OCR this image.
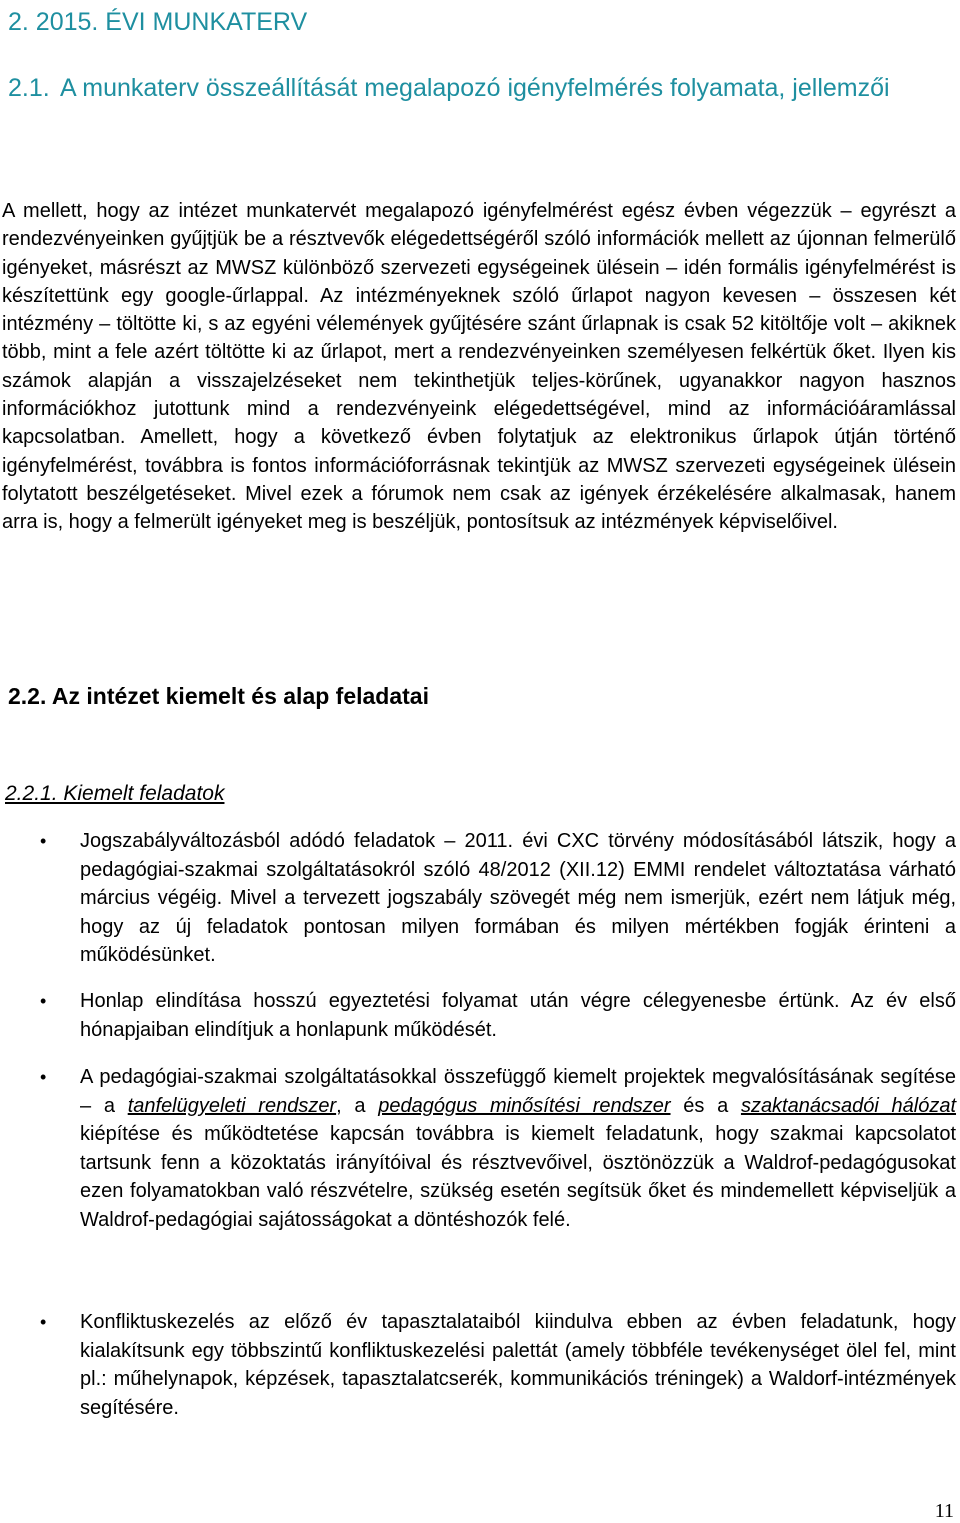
2. 2015. ÉVI MUNKATERV
2.1. A munkaterv összeállítását megalapozó igényfelmérés folyamata, jellemzői

A mellett, hogy az intézet munkatervét megalapozó igényfelmérést egész évben végezzük – egyrészt a rendezvényeinken gyűjtjük be a résztvevők elégedettségéről szóló információk mellett az újonnan felmerülő igényeket, másrészt az MWSZ különböző szervezeti egységeinek ülésein – idén formális igényfelmérést is készítettünk egy google-űrlappal. Az intézményeknek szóló űrlapot nagyon kevesen – összesen két intézmény – töltötte ki, s az egyéni vélemények gyűjtésére szánt űrlapnak is csak 52 kitöltője volt – akiknek több, mint a fele azért töltötte ki az űrlapot, mert a rendezvényeinken személyesen felkértük őket. Ilyen kis számok alapján a visszajelzéseket nem tekinthetjük teljes-körűnek, ugyanakkor nagyon hasznos információkhoz jutottunk mind a rendezvényeink elégedettségével, mind az információáramlással kapcsolatban. Amellett, hogy a következő évben folytatjuk az elektronikus űrlapok útján történő igényfelmérést, továbbra is fontos információforrásnak tekintjük az MWSZ szervezeti egységeinek ülésein folytatott beszélgetéseket. Mivel ezek a fórumok nem csak az igények érzékelésére alkalmasak, hanem arra is, hogy a felmerült igényeket meg is beszéljük, pontosítsuk az intézmények képviselőivel.

2.2. Az intézet kiemelt és alap feladatai
2.2.1. Kiemelt feladatok
• Jogszabályváltozásból adódó feladatok – 2011. évi CXC törvény módosításából látszik, hogy a pedagógiai-szakmai szolgáltatásokról szóló 48/2012 (XII.12) EMMI rendelet változtatása várható március végéig. Mivel a tervezett jogszabály szövegét még nem ismerjük, ezért nem látjuk még, hogy az új feladatok pontosan milyen formában és milyen mértékben fogják érinteni a működésünket.
• Honlap elindítása hosszú egyeztetési folyamat után végre célegyenesbe értünk. Az év első hónapjaiban elindítjuk a honlapunk működését.
• A pedagógiai-szakmai szolgáltatásokkal összefüggő kiemelt projektek megvalósításának segítése – a tanfelügyeleti rendszer, a pedagógus minősítési rendszer és a szaktanácsadói hálózat kiépítése és működtetése kapcsán továbbra is kiemelt feladatunk, hogy szakmai kapcsolatot tartsunk fenn a közoktatás irányítóival és résztvevőivel, ösztönözzük a Waldrof-pedagógusokat ezen folyamatokban való részvételre, szükség esetén segítsük őket és mindemellett képviseljük a Waldrof-pedagógiai sajátosságokat a döntéshozók felé.
• Konfliktuskezelés az előző év tapasztalataiból kiindulva ebben az évben feladatunk, hogy kialakítsunk egy többszintű konfliktuskezelési palettát (amely többféle tevékenységet ölel fel, mint pl.: műhelynapok, képzések, tapasztalatcserék, kommunikációs tréningek) a Waldorf-intézmények segítésére.
11
